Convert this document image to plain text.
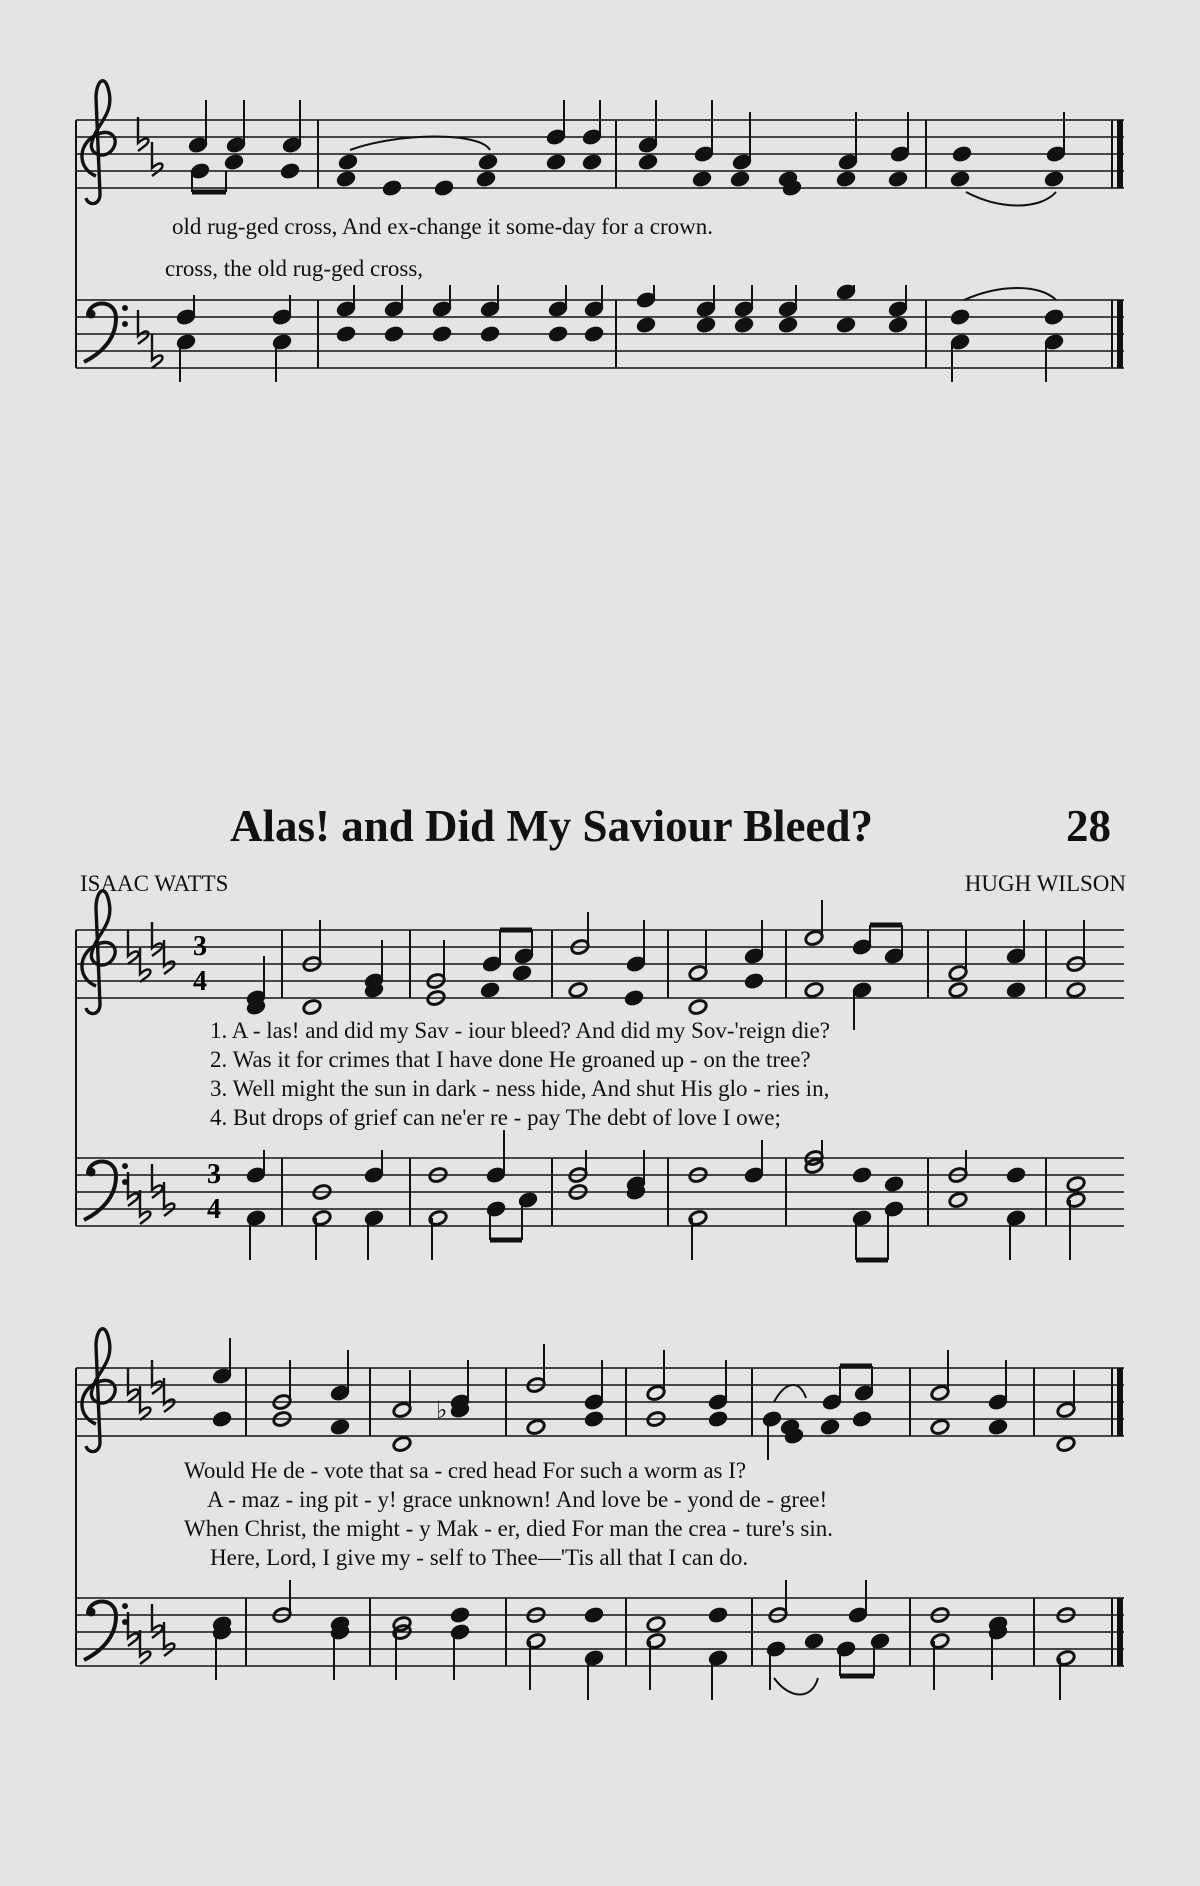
3
4
3
4
♭
old rug-ged cross, And ex-change it some-day for a crown.
cross, the old rug-ged cross,
Alas! and Did My Saviour Bleed?	28
ISAAC WATTS	HUGH WILSON
1. A - las! and did my Sav - iour bleed? And did my Sov-'reign die?
2. Was it for crimes that I have done He groaned up - on the tree?
3. Well might the sun in dark - ness hide, And shut His glo - ries in,
4. But drops of grief can ne'er re - pay The debt of love I owe;
Would He de - vote that sa - cred head For such a worm as I?
A - maz - ing pit - y! grace unknown! And love be - yond de - gree!
When Christ, the might - y Mak - er, died For man the crea - ture's sin.
Here, Lord, I give my - self to Thee—'Tis all that I can do.
